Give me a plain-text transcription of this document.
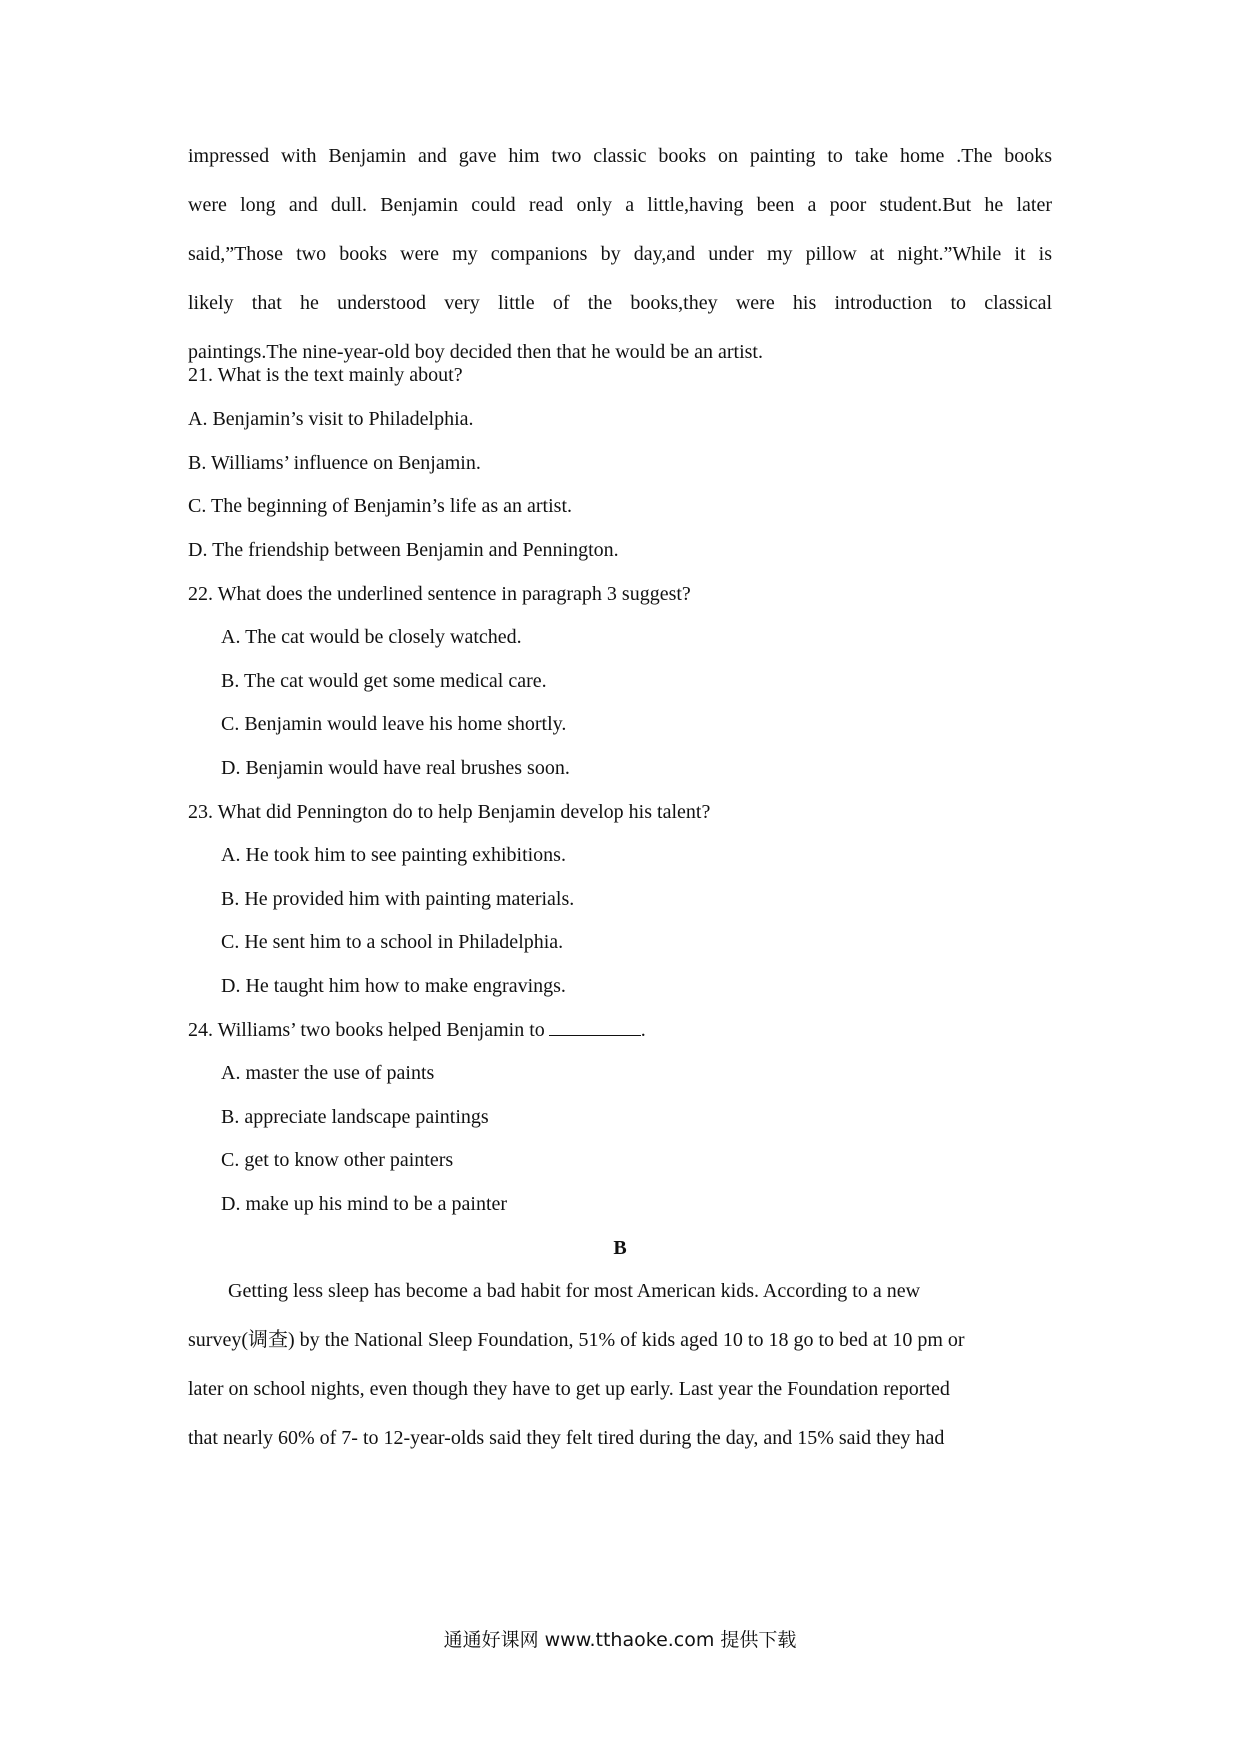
impressed with Benjamin and gave him two classic books on painting to take home .The books
were long and dull. Benjamin could read only a little,having been a poor student.But he later
said,”Those two books were my companions by day,and under my pillow at night.”While it is
likely that he understood very little of the books,they were his introduction to classical
paintings.The nine-year-old boy decided then that he would be an artist.
21. What is the text mainly about?
A. Benjamin’s visit to Philadelphia.
B. Williams’ influence on Benjamin.
C. The beginning of Benjamin’s life as an artist.
D. The friendship between Benjamin and Pennington.
22. What does the underlined sentence in paragraph 3 suggest?
A. The cat would be closely watched.
B. The cat would get some medical care.
C. Benjamin would leave his home shortly.
D. Benjamin would have real brushes soon.
23. What did Pennington do to help Benjamin develop his talent?
A. He took him to see painting exhibitions.
B. He provided him with painting materials.
C. He sent him to a school in Philadelphia.
D. He taught him how to make engravings.
24. Williams’ two books helped Benjamin to	.
A. master the use of paints
B. appreciate landscape paintings
C. get to know other painters
D. make up his mind to be a painter
B
Getting less sleep has become a bad habit for most American kids. According to a new
survey(调查) by the National Sleep Foundation, 51% of kids aged 10 to 18 go to bed at 10 pm or
later on school nights, even though they have to get up early. Last year the Foundation reported
that nearly 60% of 7- to 12-year-olds said they felt tired during the day, and 15% said they had
通通好课网 www.tthaoke.com 提供下载
